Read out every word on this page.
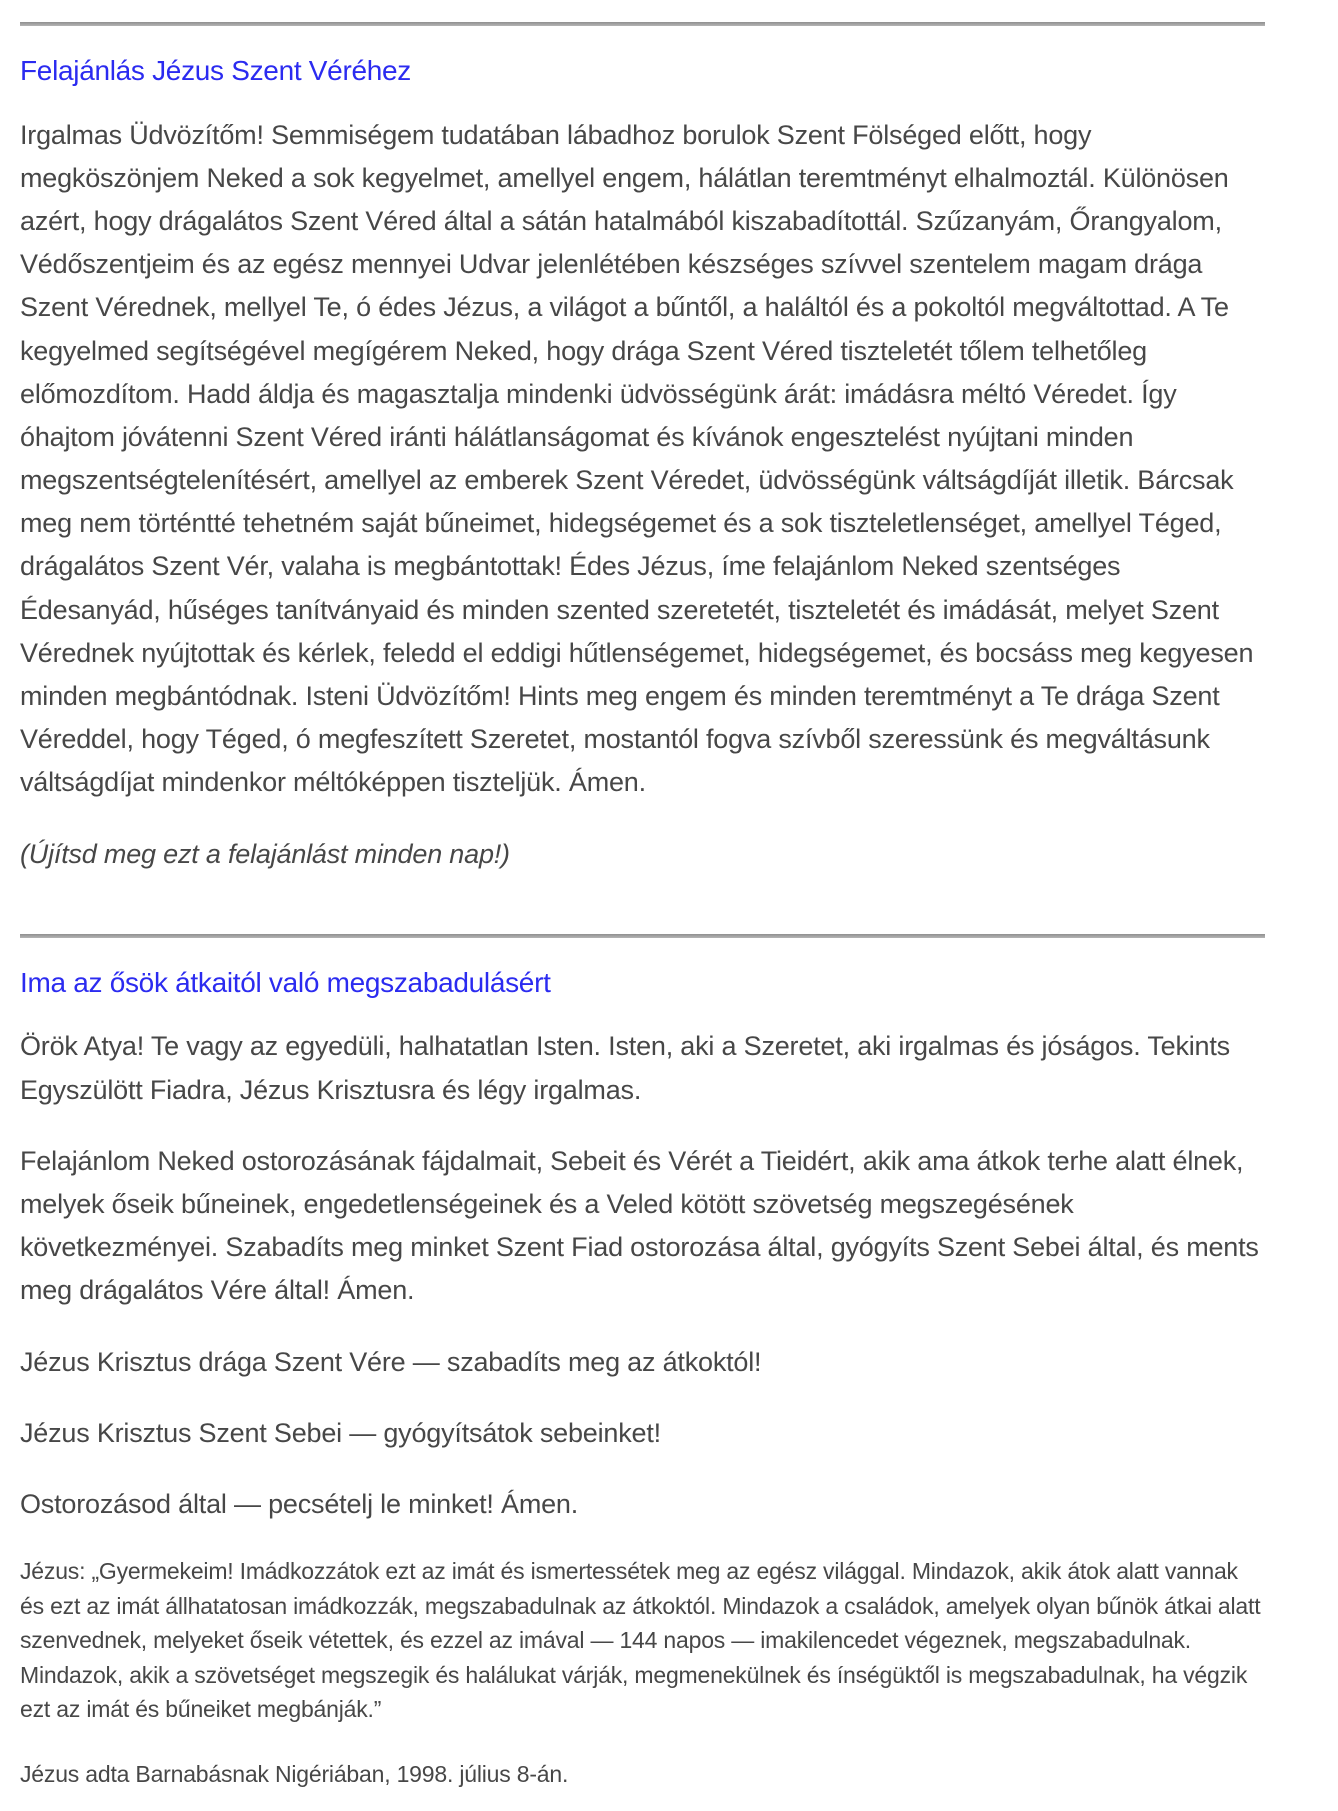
Felajánlás Jézus Szent Véréhez

Irgalmas Üdvözítőm! Semmiségem tudatában lábadhoz borulok Szent Fölséged előtt, hogy megköszönjem Neked a sok kegyelmet, amellyel engem, hálátlan teremtményt elhalmoztál. Különösen azért, hogy drágalátos Szent Véred által a sátán hatalmából kiszabadítottál. Szűzanyám, Őrangyalom, Védőszentjeim és az egész mennyei Udvar jelenlétében készséges szívvel szentelem magam drága Szent Vérednek, mellyel Te, ó édes Jézus, a világot a bűntől, a haláltól és a pokoltól megváltottad. A Te kegyelmed segítségével megígérem Neked, hogy drága Szent Véred tiszteletét tőlem telhetőleg előmozdítom. Hadd áldja és magasztalja mindenki üdvösségünk árát: imádásra méltó Véredet. Így óhajtom jóvátenni Szent Véred iránti hálátlanságomat és kívánok engesztelést nyújtani minden megszentségtelenítésért, amellyel az emberek Szent Véredet, üdvösségünk váltságdíját illetik. Bárcsak meg nem történtté tehetném saját bűneimet, hidegségemet és a sok tiszteletlenséget, amellyel Téged, drágalátos Szent Vér, valaha is megbántottak! Édes Jézus, íme felajánlom Neked szentséges Édesanyád, hűséges tanítványaid és minden szented szeretetét, tiszteletét és imádását, melyet Szent Vérednek nyújtottak és kérlek, feledd el eddigi hűtlenségemet, hidegségemet, és bocsáss meg kegyesen minden megbántódnak. Isteni Üdvözítőm! Hints meg engem és minden teremtményt a Te drága Szent Véreddel, hogy Téged, ó megfeszített Szeretet, mostantól fogva szívből szeressünk és megváltásunk váltságdíjat mindenkor méltóképpen tiszteljük. Ámen.

(Újítsd meg ezt a felajánlást minden nap!)

Ima az ősök átkaitól való megszabadulásért

Örök Atya! Te vagy az egyedüli, halhatatlan Isten. Isten, aki a Szeretet, aki irgalmas és jóságos. Tekints Egyszülött Fiadra, Jézus Krisztusra és légy irgalmas.

Felajánlom Neked ostorozásának fájdalmait, Sebeit és Vérét a Tieidért, akik ama átkok terhe alatt élnek, melyek őseik bűneinek, engedetlenségeinek és a Veled kötött szövetség megszegésének következményei. Szabadíts meg minket Szent Fiad ostorozása által, gyógyíts Szent Sebei által, és ments meg drágalátos Vére által! Ámen.

Jézus Krisztus drága Szent Vére — szabadíts meg az átkoktól!

Jézus Krisztus Szent Sebei — gyógyítsátok sebeinket!

Ostorozásod által — pecsételj le minket! Ámen.

Jézus: „Gyermekeim! Imádkozzátok ezt az imát és ismertessétek meg az egész világgal. Mindazok, akik átok alatt vannak és ezt az imát állhatatosan imádkozzák, megszabadulnak az átkoktól. Mindazok a családok, amelyek olyan bűnök átkai alatt szenvednek, melyeket őseik vétettek, és ezzel az imával — 144 napos — imakilencedet végeznek, megszabadulnak. Mindazok, akik a szövetséget megszegik és halálukat várják, megmenekülnek és ínségüktől is megszabadulnak, ha végzik ezt az imát és bűneiket megbánják.”

Jézus adta Barnabásnak Nigériában, 1998. július 8-án.
